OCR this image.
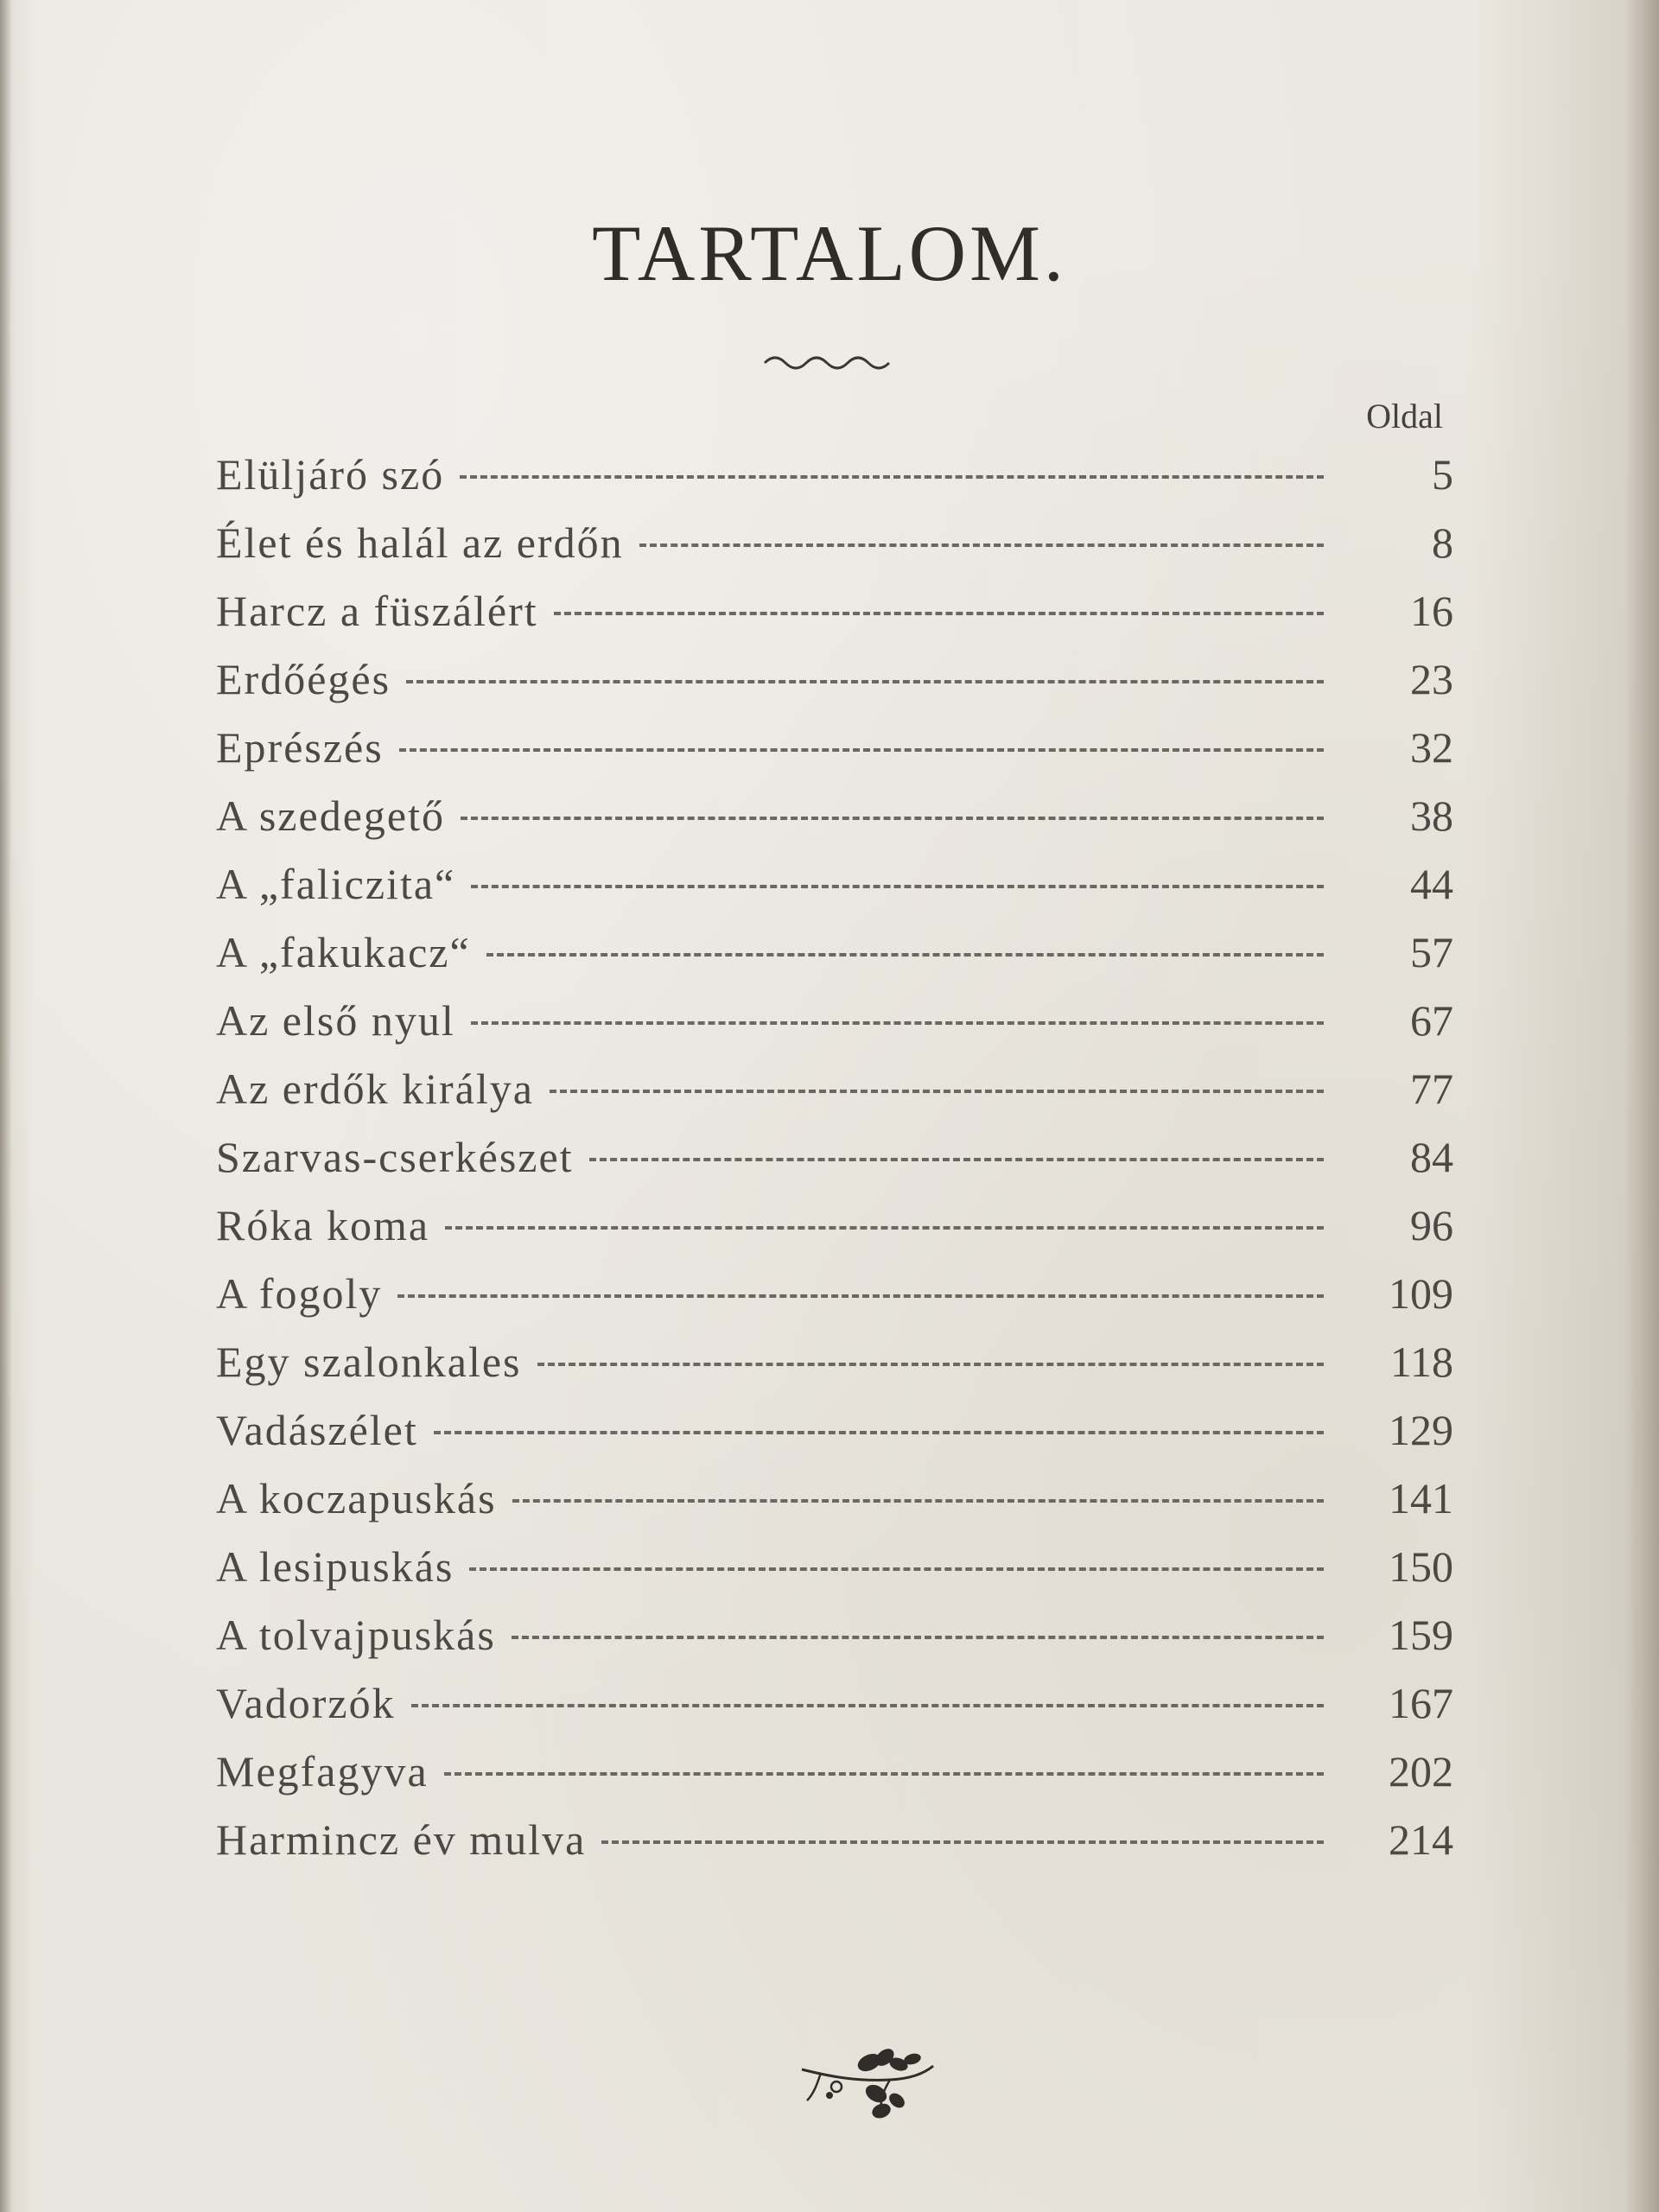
TARTALOM.
Oldal
Elüljáró szó	5
Élet és halál az erdőn	8
Harcz a füszálért	16
Erdőégés	23
Eprészés	32
A szedegető	38
A „faliczita“	44
A „fakukacz“	57
Az első nyul	67
Az erdők királya	77
Szarvas-cserkészet	84
Róka koma	96
A fogoly	109
Egy szalonkales	118
Vadászélet	129
A koczapuskás	141
A lesipuskás	150
A tolvajpuskás	159
Vadorzók	167
Megfagyva	202
Harmincz év mulva	214
